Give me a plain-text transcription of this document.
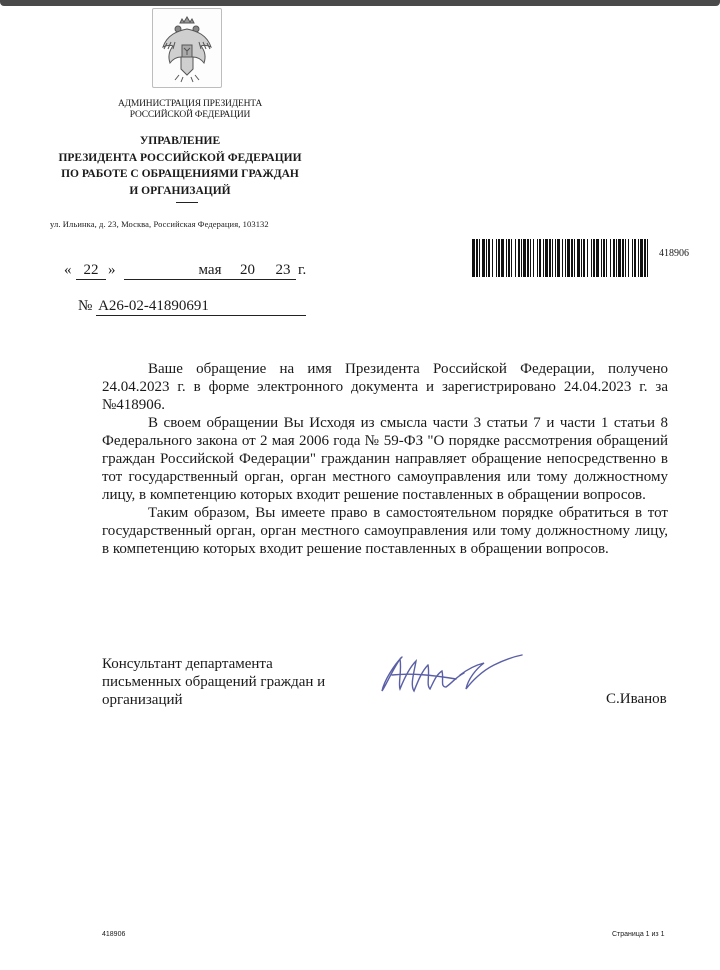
АДМИНИСТРАЦИЯ ПРЕЗИДЕНТА
РОССИЙСКОЙ ФЕДЕРАЦИИ
УПРАВЛЕНИЕ
ПРЕЗИДЕНТА РОССИЙСКОЙ ФЕДЕРАЦИИ
ПО РАБОТЕ С ОБРАЩЕНИЯМИ ГРАЖДАН
И ОРГАНИЗАЦИЙ
ул. Ильинка, д. 23, Москва, Российская Федерация, 103132
418906
« 22 »	мая	20	23 г.
№ А26-02-41890691

Ваше обращение на имя Президента Российской Федерации, получено 24.04.2023 г. в форме электронного документа и зарегистрировано 24.04.2023 г. за №418906.

В своем обращении Вы Исходя из смысла части 3 статьи 7 и части 1 статьи 8 Федерального закона от 2 мая 2006 года № 59-ФЗ "О порядке рассмотрения обращений граждан Российской Федерации" гражданин направляет обращение непосредственно в тот государственный орган, орган местного самоуправления или тому должностному лицу, в компетенцию которых входит решение поставленных в обращении вопросов.

Таким образом, Вы имеете право в самостоятельном порядке обратиться в тот государственный орган, орган местного самоуправления или тому должностному лицу, в компетенцию которых входит решение поставленных в обращении вопросов.

Консультант департамента
письменных обращений граждан и
организаций	С.Иванов
418906	Страница 1 из 1
